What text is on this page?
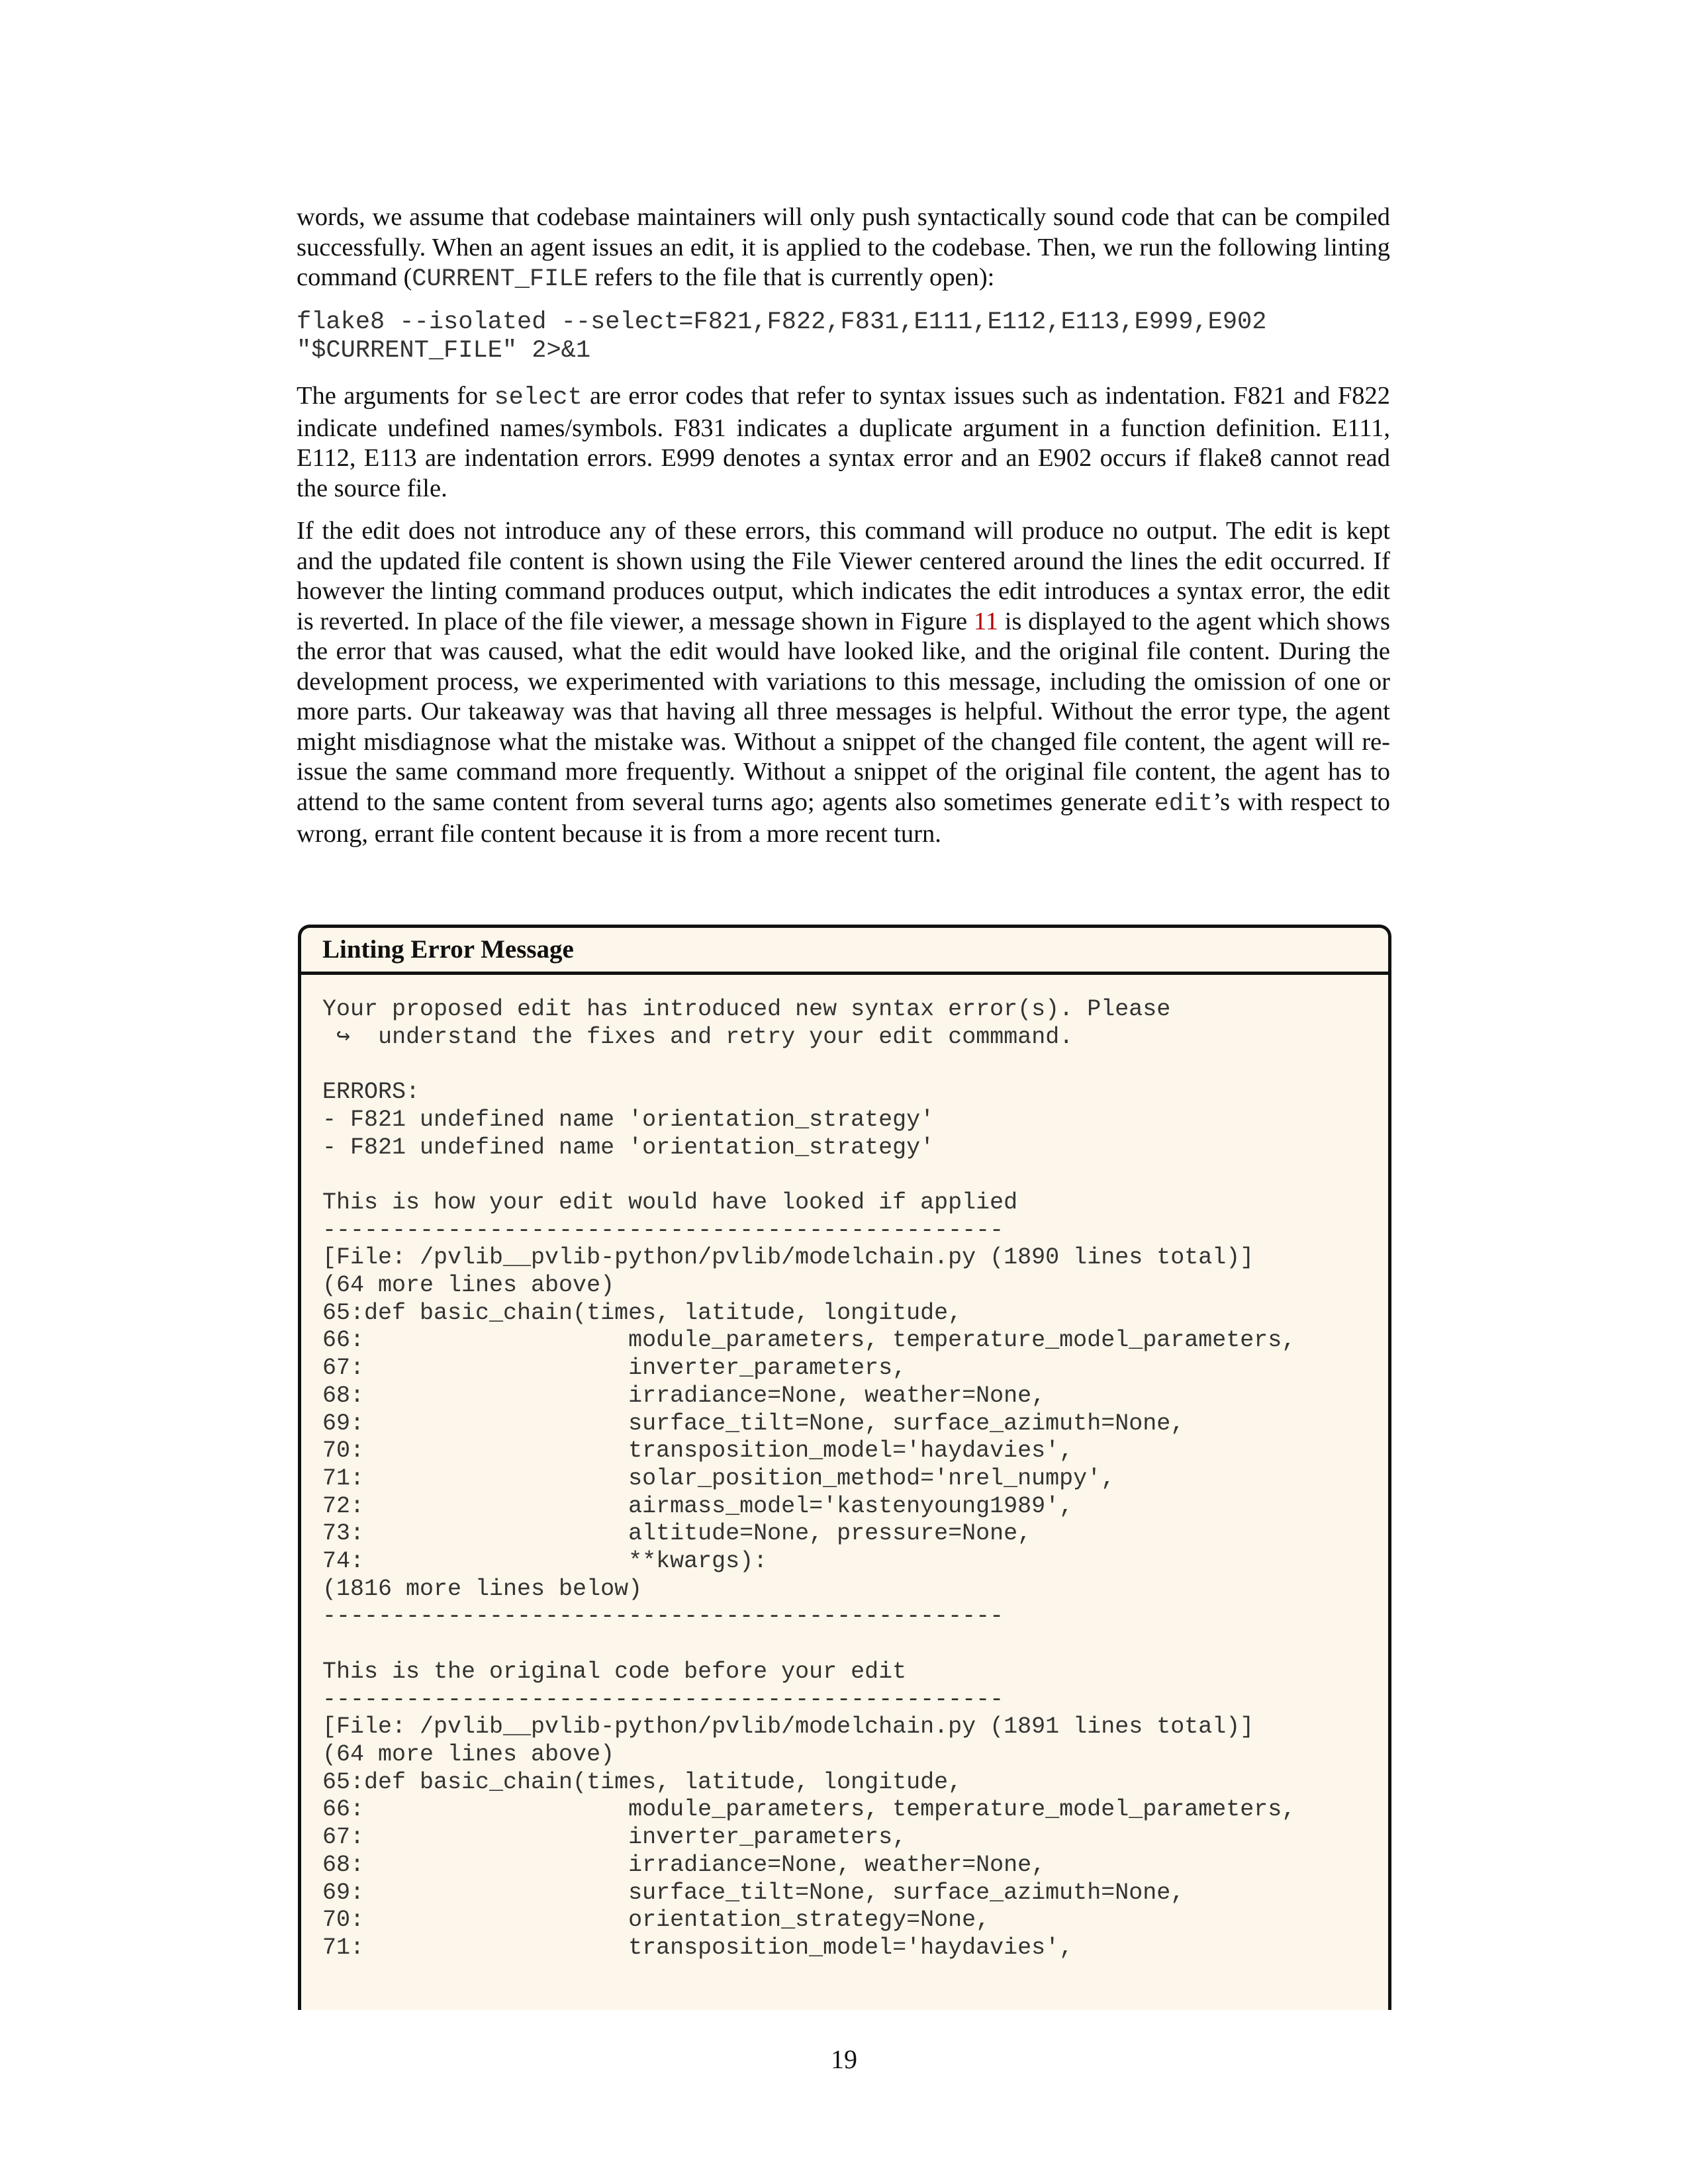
words, we assume that codebase maintainers will only push syntactically sound code that can be compiled successfully. When an agent issues an edit, it is applied to the codebase. Then, we run the following linting command (CURRENT_FILE refers to the file that is currently open):
flake8 --isolated --select=F821,F822,F831,E111,E112,E113,E999,E902
"$CURRENT_FILE" 2>&1
The arguments for select are error codes that refer to syntax issues such as indentation. F821 and F822 indicate undefined names/symbols. F831 indicates a duplicate argument in a function definition. E111, E112, E113 are indentation errors. E999 denotes a syntax error and an E902 occurs if flake8 cannot read the source file.
If the edit does not introduce any of these errors, this command will produce no output. The edit is kept and the updated file content is shown using the File Viewer centered around the lines the edit occurred. If however the linting command produces output, which indicates the edit introduces a syntax error, the edit is reverted. In place of the file viewer, a message shown in Figure 11 is displayed to the agent which shows the error that was caused, what the edit would have looked like, and the original file content. During the development process, we experimented with variations to this message, including the omission of one or more parts. Our takeaway was that having all three messages is helpful. Without the error type, the agent might misdiagnose what the mistake was. Without a snippet of the changed file content, the agent will re-issue the same command more frequently. Without a snippet of the original file content, the agent has to attend to the same content from several turns ago; agents also sometimes generate edit’s with respect to wrong, errant file content because it is from a more recent turn.
Linting Error Message
Your proposed edit has introduced new syntax error(s). Please
↪  understand the fixes and retry your edit commmand.

ERRORS:
- F821 undefined name 'orientation_strategy'
- F821 undefined name 'orientation_strategy'

This is how your edit would have looked if applied
-------------------------------------------------
[File: /pvlib__pvlib-python/pvlib/modelchain.py (1890 lines total)]
(64 more lines above)
65:def basic_chain(times, latitude, longitude,
66:                   module_parameters, temperature_model_parameters,
67:                   inverter_parameters,
68:                   irradiance=None, weather=None,
69:                   surface_tilt=None, surface_azimuth=None,
70:                   transposition_model='haydavies',
71:                   solar_position_method='nrel_numpy',
72:                   airmass_model='kastenyoung1989',
73:                   altitude=None, pressure=None,
74:                   **kwargs):
(1816 more lines below)
-------------------------------------------------

This is the original code before your edit
-------------------------------------------------
[File: /pvlib__pvlib-python/pvlib/modelchain.py (1891 lines total)]
(64 more lines above)
65:def basic_chain(times, latitude, longitude,
66:                   module_parameters, temperature_model_parameters,
67:                   inverter_parameters,
68:                   irradiance=None, weather=None,
69:                   surface_tilt=None, surface_azimuth=None,
70:                   orientation_strategy=None,
71:                   transposition_model='haydavies',
19
